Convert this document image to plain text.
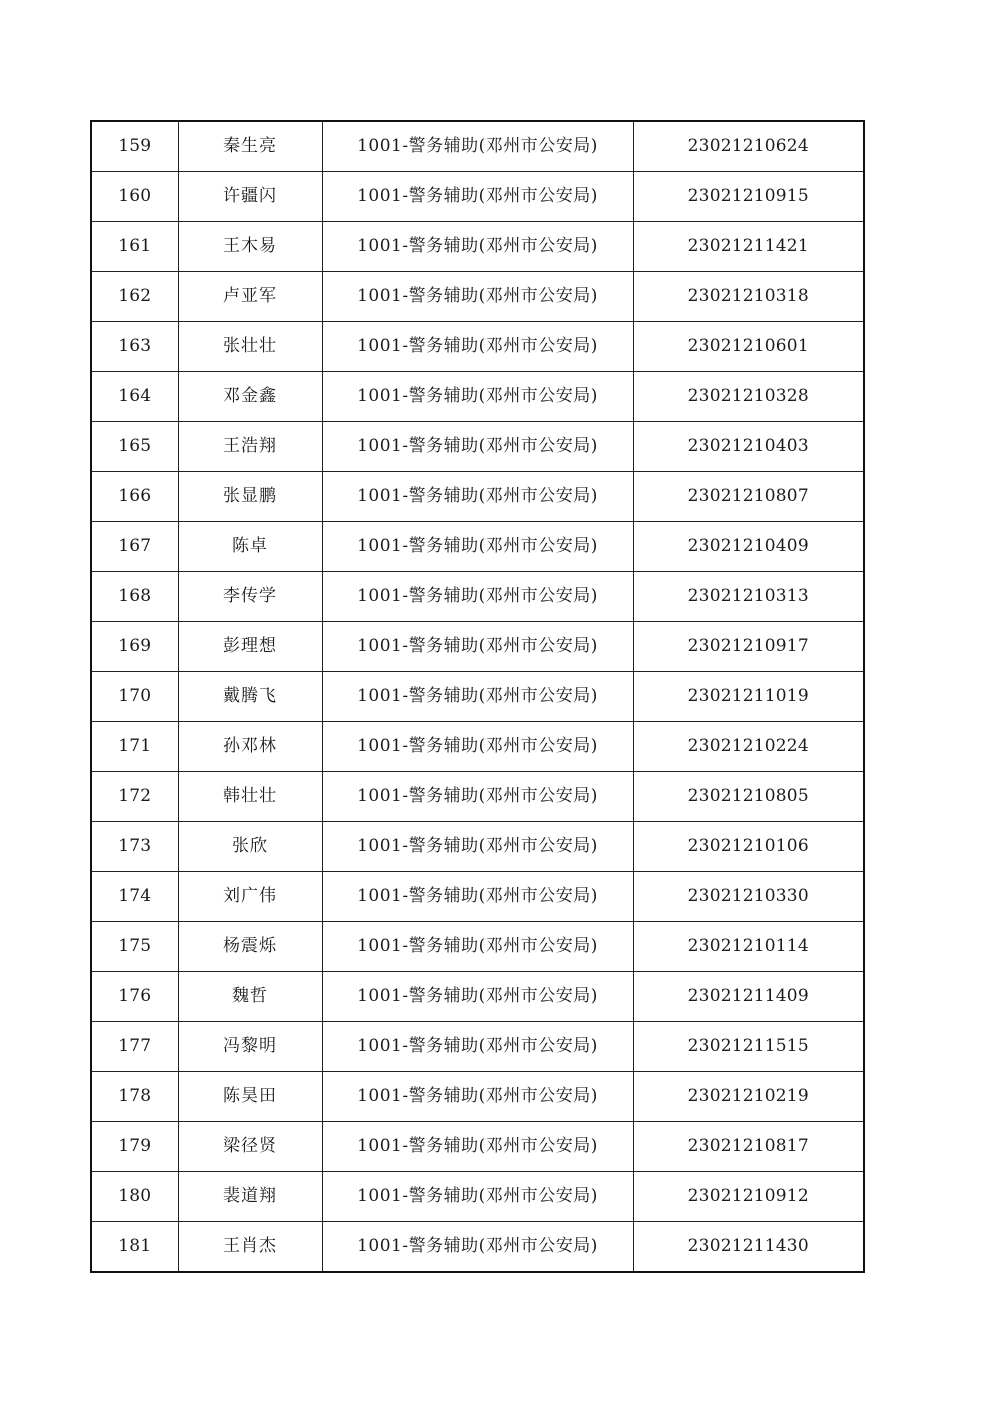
159	秦生亮	1001-警务辅助(邓州市公安局)	23021210624
160	许疆闪	1001-警务辅助(邓州市公安局)	23021210915
161	王木易	1001-警务辅助(邓州市公安局)	23021211421
162	卢亚军	1001-警务辅助(邓州市公安局)	23021210318
163	张壮壮	1001-警务辅助(邓州市公安局)	23021210601
164	邓金鑫	1001-警务辅助(邓州市公安局)	23021210328
165	王浩翔	1001-警务辅助(邓州市公安局)	23021210403
166	张显鹏	1001-警务辅助(邓州市公安局)	23021210807
167	陈卓	1001-警务辅助(邓州市公安局)	23021210409
168	李传学	1001-警务辅助(邓州市公安局)	23021210313
169	彭理想	1001-警务辅助(邓州市公安局)	23021210917
170	戴腾飞	1001-警务辅助(邓州市公安局)	23021211019
171	孙邓林	1001-警务辅助(邓州市公安局)	23021210224
172	韩壮壮	1001-警务辅助(邓州市公安局)	23021210805
173	张欣	1001-警务辅助(邓州市公安局)	23021210106
174	刘广伟	1001-警务辅助(邓州市公安局)	23021210330
175	杨震烁	1001-警务辅助(邓州市公安局)	23021210114
176	魏哲	1001-警务辅助(邓州市公安局)	23021211409
177	冯黎明	1001-警务辅助(邓州市公安局)	23021211515
178	陈昊田	1001-警务辅助(邓州市公安局)	23021210219
179	梁径贤	1001-警务辅助(邓州市公安局)	23021210817
180	裴道翔	1001-警务辅助(邓州市公安局)	23021210912
181	王肖杰	1001-警务辅助(邓州市公安局)	23021211430
